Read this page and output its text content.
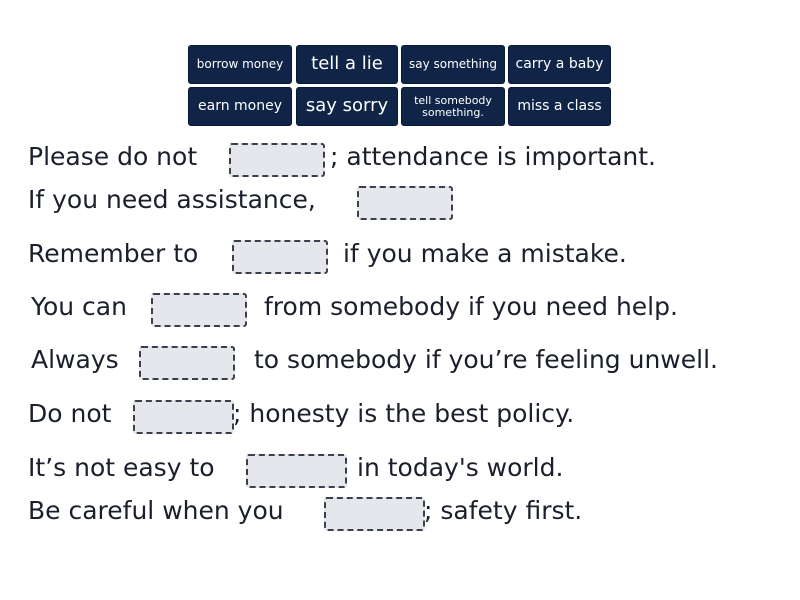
borrow money	tell a lie	say something	carry a baby
earn money	say sorry	tell somebody something.	miss a class
Please do not	; attendance is important.
If you need assistance,
Remember to	if you make a mistake.
You can	from somebody if you need help.
Always	to somebody if you’re feeling unwell.
Do not	; honesty is the best policy.
It’s not easy to	in today's world.
Be careful when you	; safety first.
